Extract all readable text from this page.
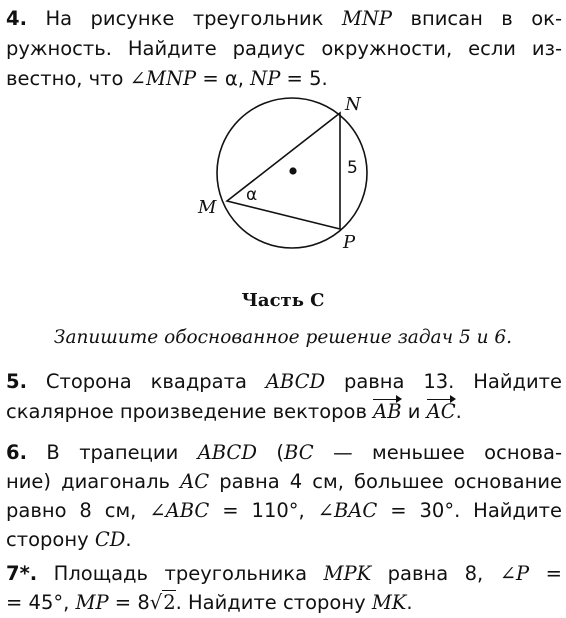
4. На рисунке треугольник MNP вписан в ок-
ружность. Найдите радиус окружности, если из-
вестно, что ∠MNP = α, NP = 5.
M
N
P
α
5
Часть С
Запишите обоснованное решение задач 5 и 6.
5. Сторона квадрата ABCD равна 13. Найдите
скалярное произведение векторов AB и AC.
6. В трапеции ABCD (BC — меньшее основа-
ние) диагональ AC равна 4 см, большее основание
равно 8 см, ∠ABC = 110°, ∠BAC = 30°. Найдите
сторону CD.
7*. Площадь треугольника MPK равна 8, ∠P =
= 45°, MP = 8√2. Найдите сторону MK.
